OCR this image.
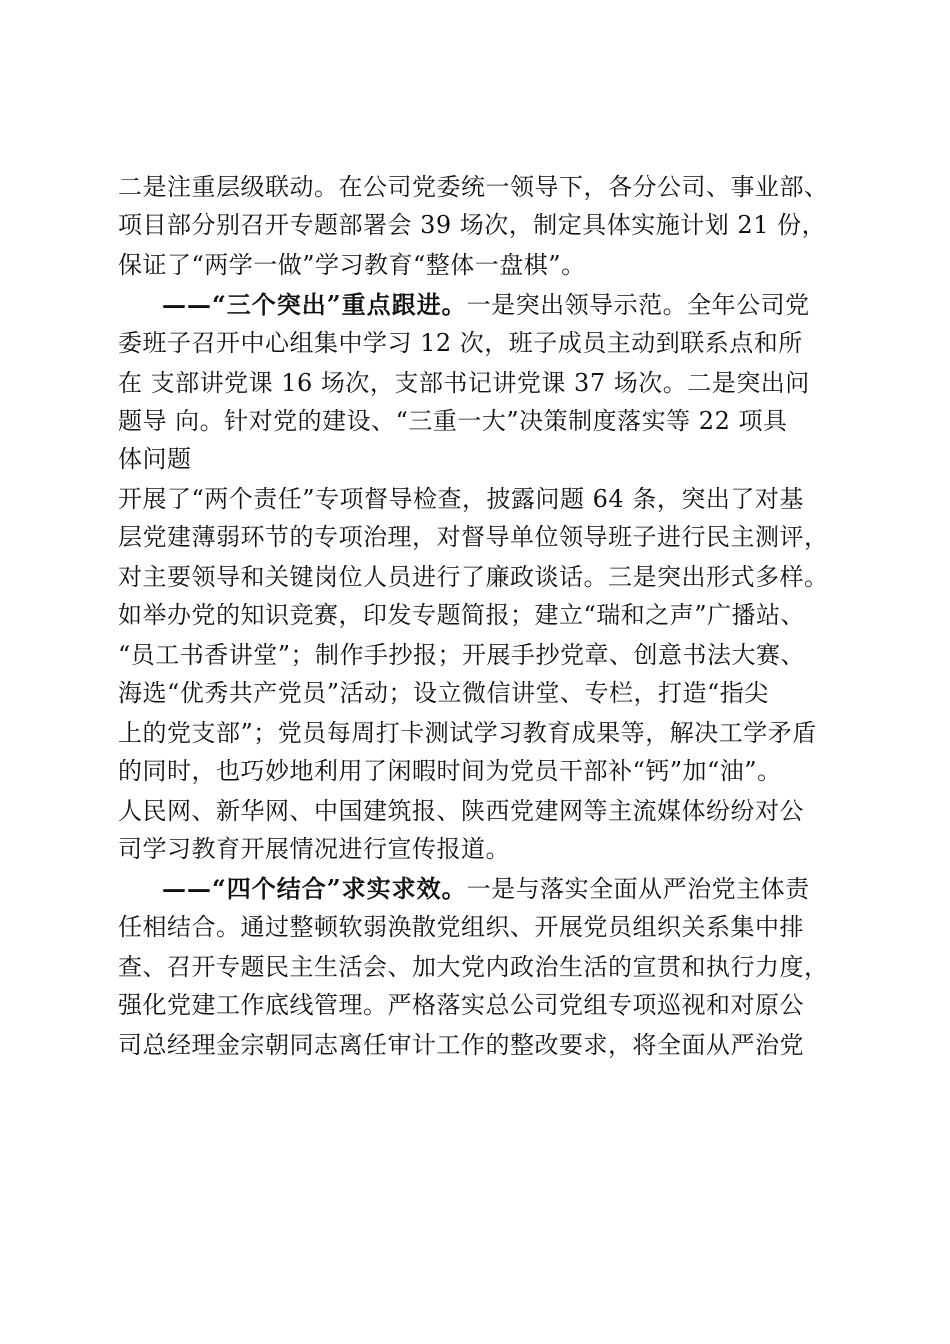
二是注重层级联动。在公司党委统一领导下，各分公司、事业部、
项目部分别召开专题部署会 39 场次，制定具体实施计划 21 份，
保证了“两学一做”学习教育“整体一盘棋”。
——“三个突出”重点跟进。一是突出领导示范。全年公司党
委班子召开中心组集中学习 12 次，班子成员主动到联系点和所
在 支部讲党课 16 场次，支部书记讲党课 37 场次。二是突出问
题导 向。针对党的建设、“三重一大”决策制度落实等 22 项具
体问题
开展了“两个责任”专项督导检查，披露问题 64 条，突出了对基
层党建薄弱环节的专项治理，对督导单位领导班子进行民主测评，
对主要领导和关键岗位人员进行了廉政谈话。三是突出形式多样。
如举办党的知识竞赛，印发专题简报；建立“瑞和之声”广播站、
“员工书香讲堂”；制作手抄报；开展手抄党章、创意书法大赛、
海选“优秀共产党员”活动；设立微信讲堂、专栏，打造“指尖
上的党支部”；党员每周打卡测试学习教育成果等，解决工学矛盾
的同时，也巧妙地利用了闲暇时间为党员干部补“钙”加“油”。
人民网、新华网、中国建筑报、陕西党建网等主流媒体纷纷对公
司学习教育开展情况进行宣传报道。
——“四个结合”求实求效。一是与落实全面从严治党主体责
任相结合。通过整顿软弱涣散党组织、开展党员组织关系集中排
查、召开专题民主生活会、加大党内政治生活的宣贯和执行力度，
强化党建工作底线管理。严格落实总公司党组专项巡视和对原公
司总经理金宗朝同志离任审计工作的整改要求，将全面从严治党
